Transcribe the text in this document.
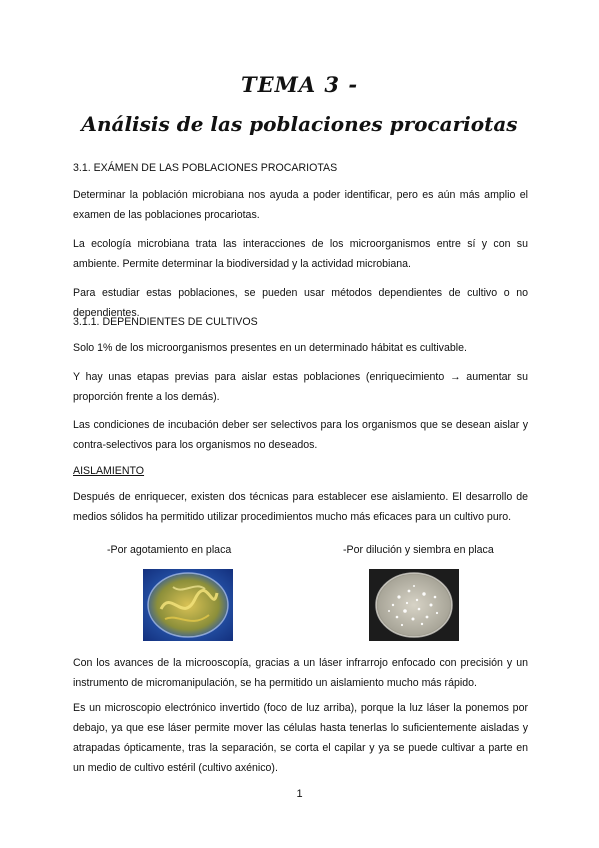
TEMA 3 -
Análisis de las poblaciones procariotas
3.1. EXÁMEN DE LAS POBLACIONES PROCARIOTAS
Determinar la población microbiana nos ayuda a poder identificar, pero es aún más amplio el examen de las poblaciones procariotas.
La ecología microbiana trata las interacciones de los microorganismos entre sí y con su ambiente. Permite determinar la biodiversidad y la actividad microbiana.
Para estudiar estas poblaciones, se pueden usar métodos dependientes de cultivo o no dependientes.
3.1.1. DEPENDIENTES DE CULTIVOS
Solo 1% de los microorganismos presentes en un determinado hábitat es cultivable.
Y hay unas etapas previas para aislar estas poblaciones (enriquecimiento → aumentar su proporción frente a los demás).
Las condiciones de incubación deber ser selectivos para los organismos que se desean aislar y contra-selectivos para los organismos no deseados.
AISLAMIENTO
Después de enriquecer, existen dos técnicas para establecer ese aislamiento. El desarrollo de medios sólidos ha permitido utilizar procedimientos mucho más eficaces para un cultivo puro.
-Por agotamiento en placa	-Por dilución y siembra en placa
Con los avances de la microoscopía, gracias a un láser infrarrojo enfocado con precisión y un instrumento de micromanipulación, se ha permitido un aislamiento mucho más rápido.
Es un microscopio electrónico invertido (foco de luz arriba), porque la luz láser la ponemos por debajo, ya que ese láser permite mover las células hasta tenerlas lo suficientemente aisladas y atrapadas ópticamente, tras la separación, se corta el capilar y ya se puede cultivar a parte en un medio de cultivo estéril (cultivo axénico).
1
